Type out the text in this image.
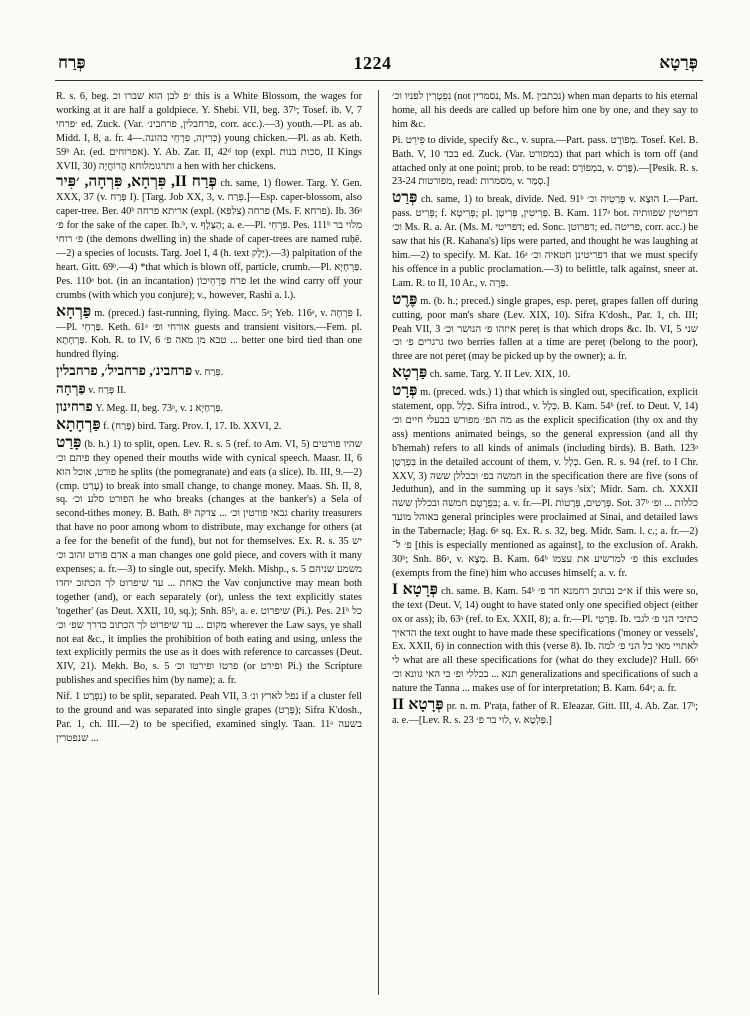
פְּרַח	1224	פְּרַטָא

R. s. 6, beg. ׳פ לבן הוא שברו וכ this is a White Blossom, the wages for working at it are half a goldpiece. Y. Shebi. VII, beg. 37ᵇ; Tosef. ib. V, 7 ׳פרחי ed. Zuck. (Var. פרחבלין, פרחבינ׳, corr. acc.).—3) youth.—Pl. as ab. Midd. I, 8, a. fr. כְּרִיזָה, פִרְחֵי כהונה.—4) young chicken.—Pl. as ab. Keth. 59ᵇ Ar. (ed. אפרוחים). Y. Ab. Zar. II, 42ᵈ top (expl. סכות בנות, II Kings XVII, 30) ותרגומלוחא הֲרוֹחֲיָה a hen with her chickens.

פְּרַח II, פִּרְחָא, פִּרְחָה, ׳פִּיר ch. same, 1) flower. Targ. Y. Gen. XXX, 37 (v. פְּרַח I). [Targ. Job XX, 3, v. פְּרַח.]—Esp. caper-blossom, also caper-tree. Ber. 40ᵇ אריתא פרחה (expl. פרחה (צלפא) (Ms. F. פרחא). Ib. 36ᵃ פ׳ for the sake of the caper. Ib.ᵇ, v. הַצְּלָף; a. e.—Pl. פִּרְחֵי. Pes. 111ᵇ מלוי בר פ׳ רוחי (the demons dwelling in) the shade of caper-trees are named ruḥê.—2) a species of locusts. Targ. Joel I, 4 (h. text יֶלֶק).—3) palpitation of the heart. Gitt. 69ᵇ.—4) *that which is blown off, particle, crumb.—Pl. פַּרְחָיָא. Pes. 110ᵃ bot. (in an incantation) פרח פַּרְחֵיכוֹן let the wind carry off your crumbs (with which you conjure); v., however, Rashi a. l.).

פַּרְחָא m. (preced.) fast-running, flying. Macc. 5ᵃ; Yeb. 116ᵃ, v. פִּרְחָה I.—Pl. פַּרְחֵי. Keth. 61ᵃ אורחי ופ׳ guests and transient visitors.—Fem. pl. פַּרְחָתָא. Koh. R. to IV, 6 טבא מן מאה פ׳ ... better one bird tied than one hundred flying.

פרחבינ׳, פרחביל׳, פרחבלין v. פְּרַח.

פַּרְחָה v. פְּרַח II.

פרחינון Y. Meg. II, beg. 73ᵃ, v. פַּרְחַיָא נ.

פַּרְחָתָא f. (פָּרַח) bird. Targ. Prov. I, 17. Ib. XXVI, 2.

פָּרַט (b. h.) 1) to split, open. Lev. R. s. 5 (ref. to Am. VI, 5) שהיו פורטים פיהם וכ׳ they opened their mouths wide with cynical speech. Maasr. II, 6 פורט, אוכל הוא he splits (the pomegranate) and eats (a slice). Ib. III, 9.—2) (cmp. עָרַט) to break into small change, to change money. Maas. Sh. II, 8, sq. הפורט סלע וכ׳ he who breaks (changes at the banker's) a Sela of second-tithes money. B. Bath. 8ᵇ גבאי פורטין וכ׳ ... צדקה charity treasurers that have no poor among whom to distribute, may exchange for others (at a fee for the benefit of the fund), but not for themselves. Ex. R. s. 35 יש אדם פורט זהוב וכ׳ a man changes one gold piece, and covers with it many expenses; a. fr.—3) to single out, specify. Mekh. Mishp., s. 5 משמע שניהם כאחת ... עד שיפרוט לך הכתוב יחדו the Vav conjunctive may mean both together (and), or each separately (or), unless the text explicitly states 'together' (as Deut. XXII, 10, sq.); Snh. 85ᵇ, a. e. שיפרוט (Pi.). Pes. 21ᵇ כל מקום ... עד שיפרוט לך הכתוב כדרך שפ׳ וכ׳ wherever the Law says, ye shall not eat &c., it implies the prohibition of both eating and using, unless the text explicitly permits the use as it does with reference to carcasses (Deut. XIV, 21). Mekh. Bo, s. 5 פרטו ופירטו וכ׳ (or ופירט Pi.) the Scripture publishes and specifies him (by name); a. fr.

Nif. נִפְרַט 1) to be split, separated. Peah VII, 3 נפל לארץ ונ׳ if a cluster fell to the ground and was separated into single grapes (פְּרָט); Sifra K'dosh., Par. 1, ch. III.—2) to be specified, examined singly. Taan. 11ᵃ בשעה שנפטרין ...

נִפְטָרִין לפניו וכ׳ (not נסמרין, Ms. M. נכתבין) when man departs to his eternal home, all his deeds are called up before him one by one, and they say to him &c.

Pi. פֵּירֵט to divide, specify &c., v. supra.—Part. pass. מְפוֹרָט. Tosef. Kel. B. Bath. V, 10 בכד ed. Zuck. (Var. במפורט) that part which is torn off (and attached only at one point; prob. to be read: במְפוֹרָס, v. פָּרַס).—[Pesik. R. s. 23-24 מפורטות, read: מסמרות, v. סְמַר.]

פְּרַט ch. same, 1) to break, divide. Ned. 91ᵇ פְּרַטְיה וכ׳ v. הוּצָא I.—Part. pass. פְּרִיט; f. פְּרִיטָא; pl. פְּרִיטִין, פְּרִיטָן. B. Kam. 117ᵃ bot. דפריטין שפוותיה וכ׳ Ms. R. a. Ar. (Ms. M. דפריטי; ed. Sonc. דפרוטן; ed. פריטה, corr. acc.) he saw that his (R. Kahana's) lips were parted, and thought he was laughing at him.—2) to specify. M. Kat. 16ᵃ דפריטינן חטאיה וכ׳ that we must specify his offence in a public proclamation.—3) to belittle, talk against, sneer at. Lam. R. to II, 10 Ar., v. פְּרָה.

פֶּרֶט m. (b. h.; preced.) single grapes, esp. pereṭ, grapes fallen off during cutting, poor man's share (Lev. XIX, 10). Sifra K'dosh., Par. 1, ch. III; Peah VII, 3 איזהו פ׳ הנושר וכ׳ pereṭ is that which drops &c. Ib. VI, 5 שני גרגרים פ׳ וכ׳ two berries fallen at a time are pereṭ (belong to the poor), three are not pereṭ (may be picked up by the owner); a. fr.

פַּרְטָא ch. same. Targ. Y. II Lev. XIX, 10.

פְּרָט m. (preced. wds.) 1) that which is singled out, specification, explicit statement, opp. כְּלָל. Sifra introd., v. כְּלָל. B. Kam. 54ᵇ (ref. to Deut. V, 14) מה הפ׳ מפורש בבעלי חיים וכ׳ as the explicit specification (thy ox and thy ass) mentions animated beings, so the general expression (and all thy b'hemah) refers to all kinds of animals (including birds). B. Bath. 123ᵃ בִּפְרָטָן in the detailed account of them, v. כְּלָל. Gen. R. s. 94 (ref. to I Chr. XXV, 3) חמשה בפ׳ ובכללן ששה in the specification there are five (sons of Jeduthun), and in the summing up it says 'six'; Midr. Sam. ch. XXXII בִּפְרָטָם חמשה ובכללן ששה; a. v. fr.—Pl. פְּרָטִים, פְּרָטוֹת. Sot. 37ᵇ כללות ... ופ׳ באוהל מועד general principles were proclaimed at Sinai, and detailed laws in the Tabernacle; Ḥag. 6ᵃ sq. Ex. R. s. 32, beg. Midr. Sam. l. c.; a. fr.—2) פ׳ ל־ [this is especially mentioned as against], to the exclusion of. Arakh. 30ᵇ; Snh. 86ᵃ, v. מָצָא. B. Kam. 64ᵇ פ׳ למרשיע את עצמו this excludes (exempts from the fine) him who accuses himself; a. v. fr.

פְּרָטָא I ch. same. B. Kam. 54ᵇ א״כ נכתוב רחמנא חד פ׳ if this were so, the text (Deut. V, 14) ought to have stated only one specified object (either ox or ass); ib. 63ᵃ (ref. to Ex. XXII, 8); a. fr.—Pl. פְּרָטֵי. Ib. כתיבי הני פ׳ לגבי הדאיך the text ought to have made these specifications ('money or vessels', Ex. XXII, 6) in connection with this (verse 8). Ib. לאתויי מאי כל הני פ׳ למה לי what are all these specifications for (what do they exclude)? Hull. 66ᵃ תנא ... בכללי ופ׳ כי האי גוונא וכ׳ generalizations and specifications of such a nature the Tanna ... makes use of for interpretation; B. Kam. 64ᵃ; a. fr.

פְּרָטָא II pr. n. m. P'raṭa, father of R. Eleazar. Gitt. III, 4. Ab. Zar. 17ᵇ; a. e.—[Lev. R. s. 23 לוי בר פ׳, v. פַּלְטָא.]
